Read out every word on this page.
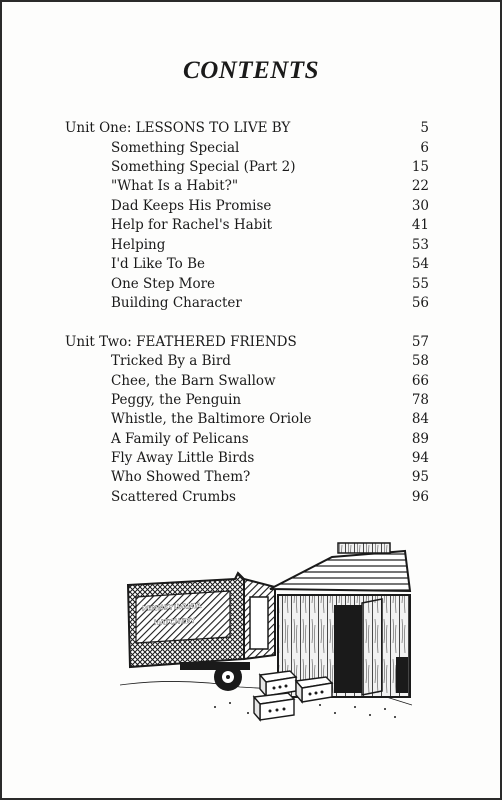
CONTENTS
Unit One: LESSONS TO LIVE BY	5
Something Special	6
Something Special (Part 2)	15
"What Is a Habit?"	22
Dad Keeps His Promise	30
Help for Rachel's Habit	41
Helping	53
I'd Like To Be	54
One Step More	55
Building Character	56
Unit Two: FEATHERED FRIENDS	57
Tricked By a Bird	58
Chee, the Barn Swallow	66
Peggy, the Penguin	78
Whistle, the Baltimore Oriole	84
A Family of Pelicans	89
Fly Away Little Birds	94
Who Showed Them?	95
Scattered Crumbs	96
PENNSYLVANIA
HATCHERY
